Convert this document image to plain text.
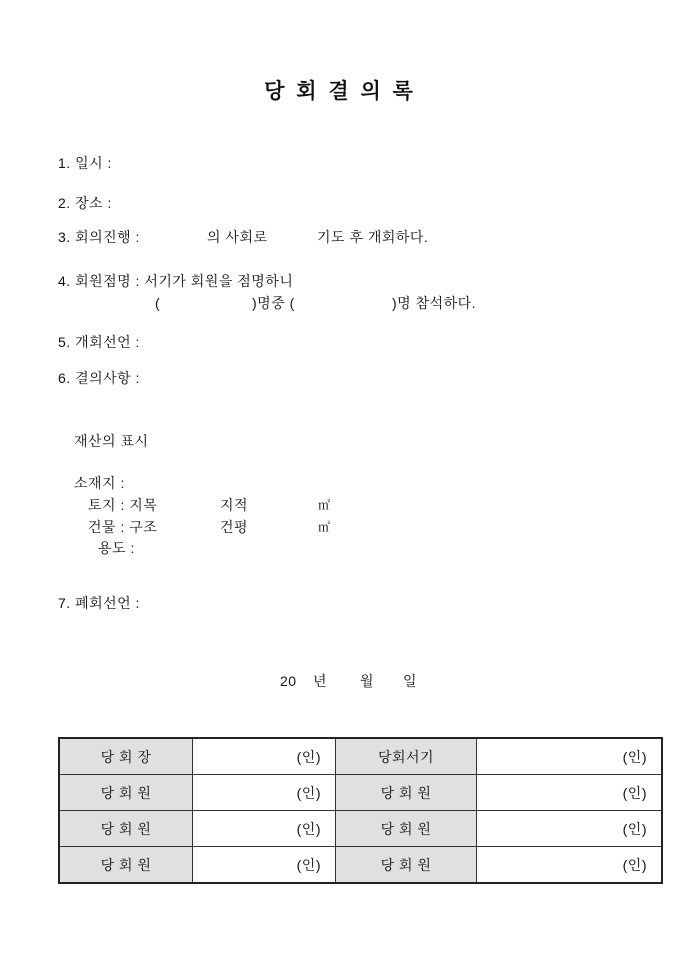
당 회 결 의 록
1. 일시 :
2. 장소 :
3. 회의진행 :	의 사회로	기도 후 개회하다.
4. 회원점명 : 서기가 회원을 점명하니
(	)명중 (	)명 참석하다.
5. 개회선언 :
6. 결의사항 :
재산의 표시
소재지 :
토지 : 지목	지적	㎡
건물 : 구조	건평	㎡
용도 :
7. 폐회선언 :
20 년 월 일
당 회 장	(인)	당회서기	(인)
당 회 원	(인)	당 회 원	(인)
당 회 원	(인)	당 회 원	(인)
당 회 원	(인)	당 회 원	(인)
